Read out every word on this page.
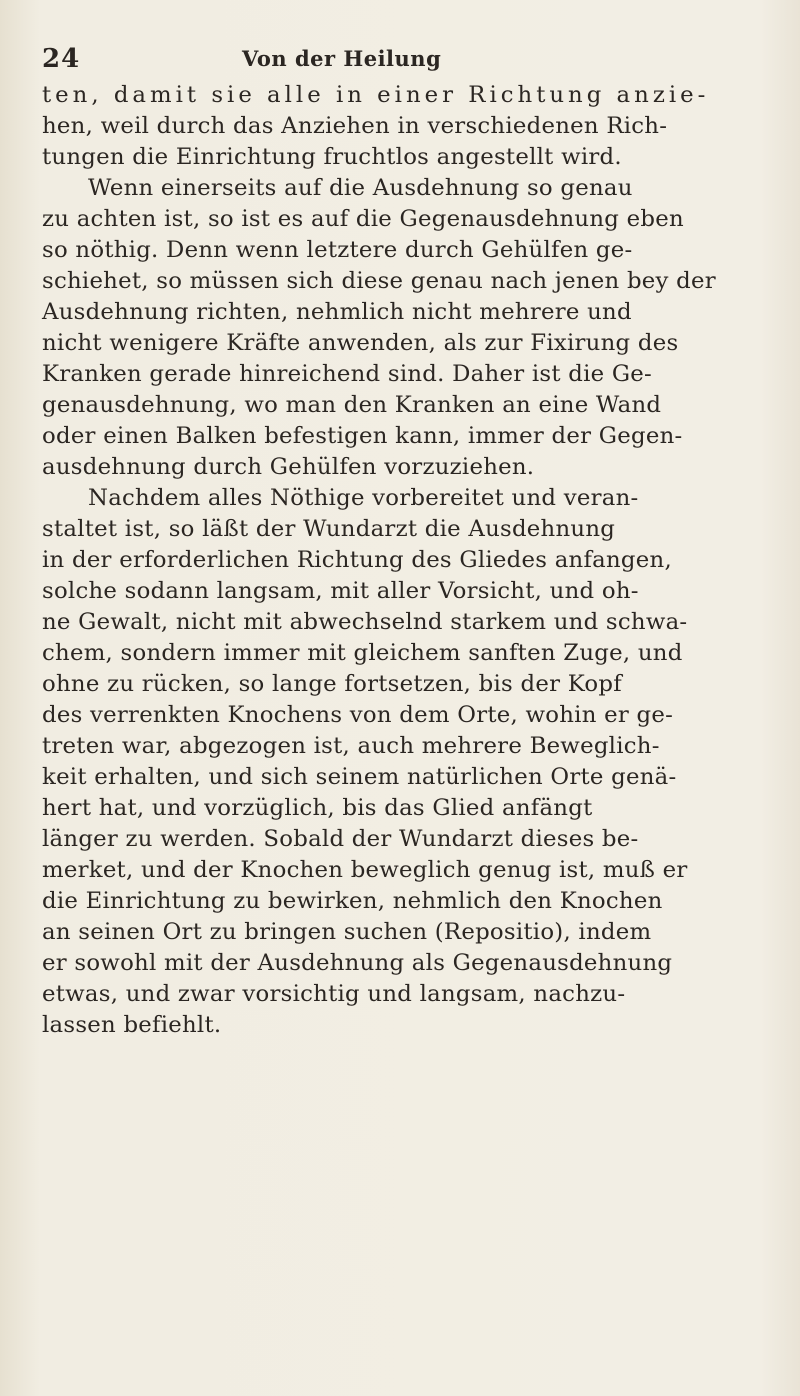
24	Von der Heilung
ten, damit sie alle in einer Richtung anzie-
hen, weil durch das Anziehen in verschiedenen Rich-
tungen die Einrichtung fruchtlos angestellt wird.
Wenn einerseits auf die Ausdehnung so genau
zu achten ist, so ist es auf die Gegenausdehnung eben
so nöthig. Denn wenn letztere durch Gehülfen ge-
schiehet, so müssen sich diese genau nach jenen bey der
Ausdehnung richten, nehmlich nicht mehrere und
nicht wenigere Kräfte anwenden, als zur Fixirung des
Kranken gerade hinreichend sind. Daher ist die Ge-
genausdehnung, wo man den Kranken an eine Wand
oder einen Balken befestigen kann, immer der Gegen-
ausdehnung durch Gehülfen vorzuziehen.
Nachdem alles Nöthige vorbereitet und veran-
staltet ist, so läßt der Wundarzt die Ausdehnung
in der erforderlichen Richtung des Gliedes anfangen,
solche sodann langsam, mit aller Vorsicht, und oh-
ne Gewalt, nicht mit abwechselnd starkem und schwa-
chem, sondern immer mit gleichem sanften Zuge, und
ohne zu rücken, so lange fortsetzen, bis der Kopf
des verrenkten Knochens von dem Orte, wohin er ge-
treten war, abgezogen ist, auch mehrere Beweglich-
keit erhalten, und sich seinem natürlichen Orte genä-
hert hat, und vorzüglich, bis das Glied anfängt
länger zu werden. Sobald der Wundarzt dieses be-
merket, und der Knochen beweglich genug ist, muß er
die Einrichtung zu bewirken, nehmlich den Knochen
an seinen Ort zu bringen suchen (Repositio), indem
er sowohl mit der Ausdehnung als Gegenausdehnung
etwas, und zwar vorsichtig und langsam, nachzu-
lassen befiehlt.
